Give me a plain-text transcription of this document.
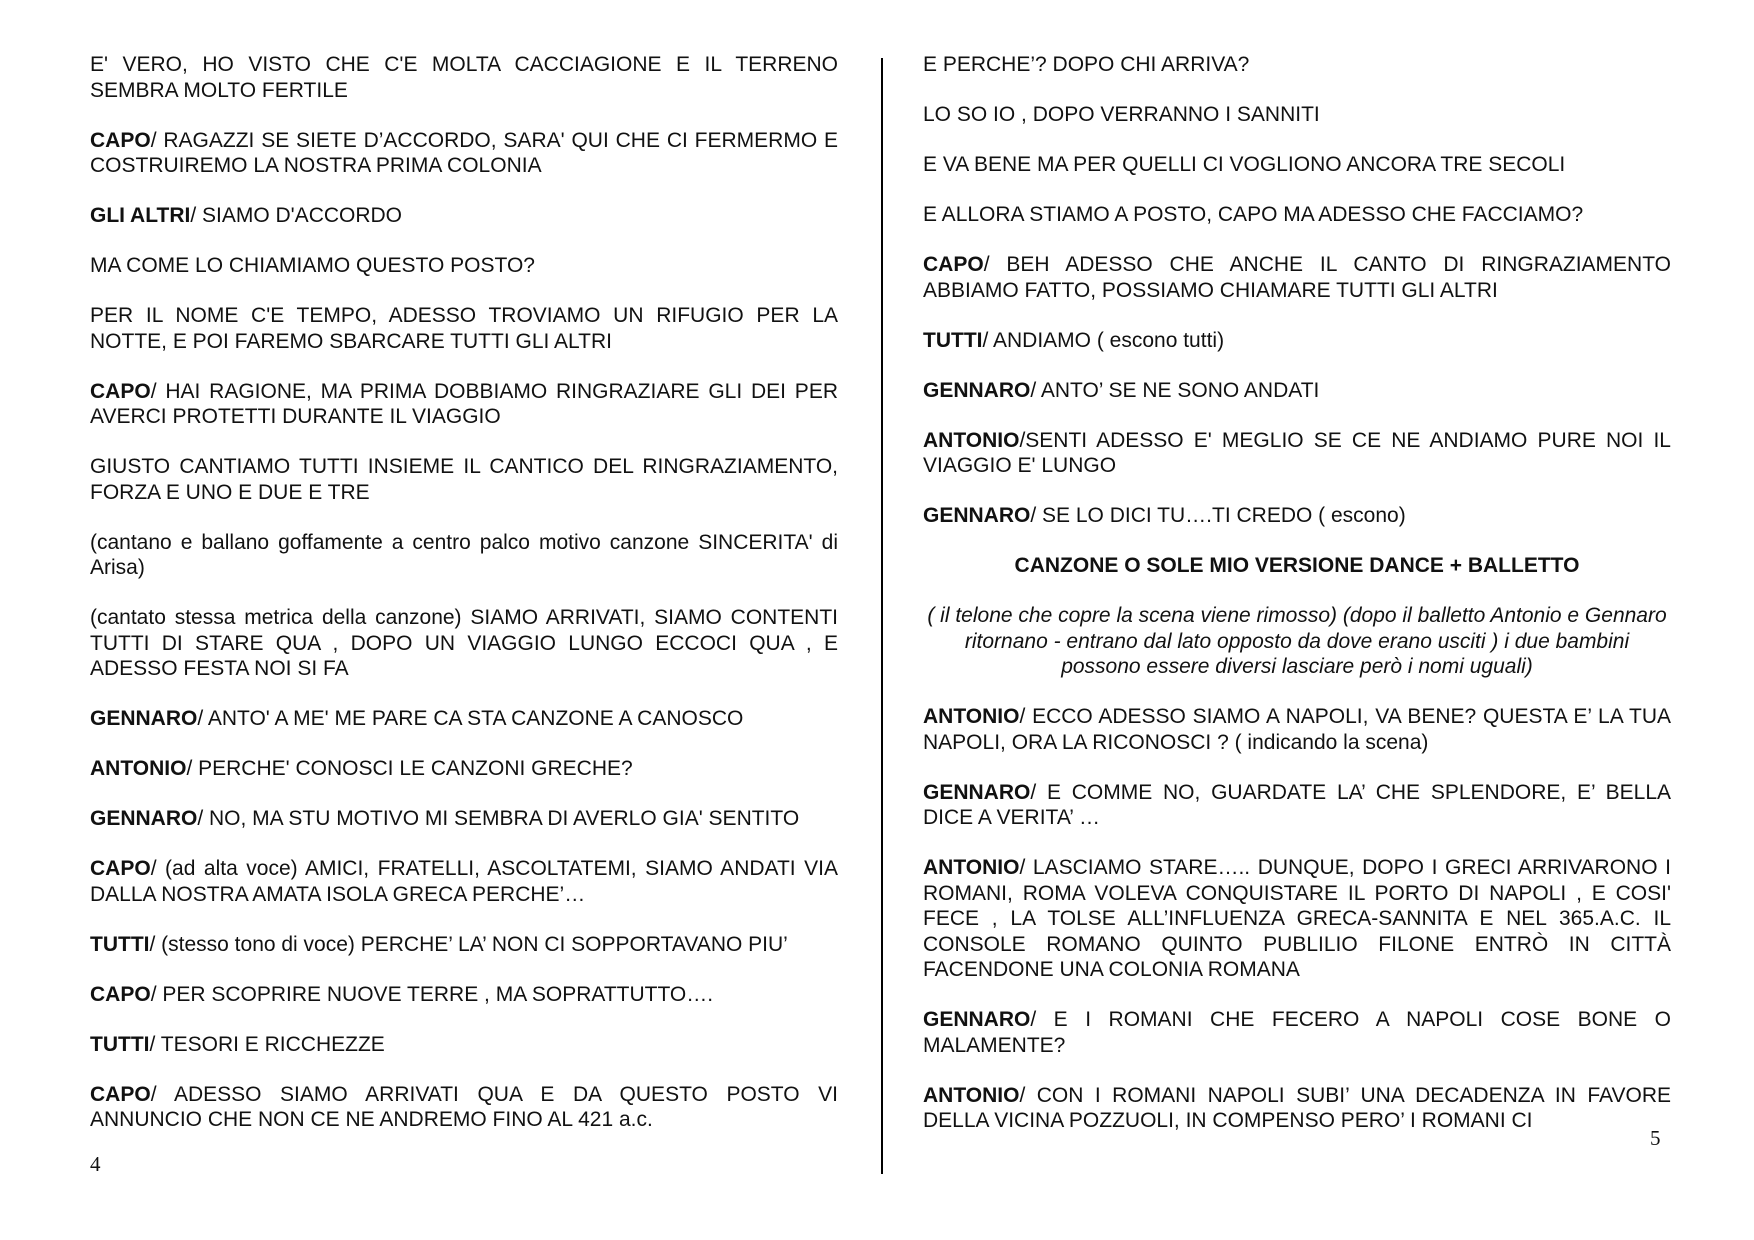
E' VERO, HO VISTO CHE C'E MOLTA CACCIAGIONE E IL TERRENO SEMBRA MOLTO FERTILE

CAPO/ RAGAZZI SE SIETE D’ACCORDO, SARA' QUI CHE CI FERMERMO E COSTRUIREMO LA NOSTRA PRIMA COLONIA

GLI ALTRI/ SIAMO D'ACCORDO

MA COME LO CHIAMIAMO QUESTO POSTO?

PER IL NOME C'E TEMPO, ADESSO TROVIAMO UN RIFUGIO PER LA NOTTE, E POI FAREMO SBARCARE TUTTI GLI ALTRI

CAPO/ HAI RAGIONE, MA PRIMA DOBBIAMO RINGRAZIARE GLI DEI PER AVERCI PROTETTI DURANTE IL VIAGGIO

GIUSTO CANTIAMO TUTTI INSIEME IL CANTICO DEL RINGRAZIAMENTO, FORZA E UNO E DUE E TRE

(cantano e ballano goffamente a centro palco motivo canzone SINCERITA' di Arisa)

(cantato stessa metrica della canzone) SIAMO ARRIVATI, SIAMO CONTENTI TUTTI DI STARE QUA , DOPO UN VIAGGIO LUNGO ECCOCI QUA , E ADESSO FESTA NOI SI FA

GENNARO/ ANTO' A ME' ME PARE CA STA CANZONE A CANOSCO

ANTONIO/ PERCHE' CONOSCI LE CANZONI GRECHE?

GENNARO/ NO, MA STU MOTIVO MI SEMBRA DI AVERLO GIA' SENTITO

CAPO/ (ad alta voce) AMICI, FRATELLI, ASCOLTATEMI, SIAMO ANDATI VIA DALLA NOSTRA AMATA ISOLA GRECA PERCHE’…

TUTTI/ (stesso tono di voce) PERCHE’ LA’ NON CI SOPPORTAVANO PIU’

CAPO/ PER SCOPRIRE NUOVE TERRE , MA SOPRATTUTTO….

TUTTI/ TESORI E RICCHEZZE

CAPO/ ADESSO SIAMO ARRIVATI QUA E DA QUESTO POSTO VI ANNUNCIO CHE NON CE NE ANDREMO FINO AL 421 a.c.

E PERCHE’? DOPO CHI ARRIVA?

LO SO IO , DOPO VERRANNO I SANNITI

E VA BENE MA PER QUELLI CI VOGLIONO ANCORA TRE SECOLI

E ALLORA STIAMO A POSTO, CAPO MA ADESSO CHE FACCIAMO?

CAPO/ BEH ADESSO CHE ANCHE IL CANTO DI RINGRAZIAMENTO ABBIAMO FATTO, POSSIAMO CHIAMARE TUTTI GLI ALTRI

TUTTI/ ANDIAMO ( escono tutti)

GENNARO/ ANTO’ SE NE SONO ANDATI

ANTONIO/SENTI ADESSO E' MEGLIO SE CE NE ANDIAMO PURE NOI IL VIAGGIO E' LUNGO

GENNARO/ SE LO DICI TU….TI CREDO ( escono)

CANZONE O SOLE MIO VERSIONE DANCE + BALLETTO

( il telone che copre la scena viene rimosso) (dopo il balletto Antonio e Gennaro ritornano - entrano dal lato opposto da dove erano usciti ) i due bambini possono essere diversi lasciare però i nomi uguali)

ANTONIO/ ECCO ADESSO SIAMO A NAPOLI, VA BENE? QUESTA E’ LA TUA NAPOLI, ORA LA RICONOSCI ? ( indicando la scena)

GENNARO/ E COMME NO, GUARDATE LA’ CHE SPLENDORE, E’ BELLA DICE A VERITA’ …

ANTONIO/ LASCIAMO STARE….. DUNQUE, DOPO I GRECI ARRIVARONO I ROMANI, ROMA VOLEVA CONQUISTARE IL PORTO DI NAPOLI , E COSI' FECE , LA TOLSE ALL’INFLUENZA GRECA-SANNITA E NEL 365.A.C. IL CONSOLE ROMANO QUINTO PUBLILIO FILONE ENTRÒ IN CITTÀ FACENDONE UNA COLONIA ROMANA

GENNARO/ E I ROMANI CHE FECERO A NAPOLI COSE BONE O MALAMENTE?

ANTONIO/ CON I ROMANI NAPOLI SUBI’ UNA DECADENZA IN FAVORE DELLA VICINA POZZUOLI, IN COMPENSO PERO’ I ROMANI CI

4
5
